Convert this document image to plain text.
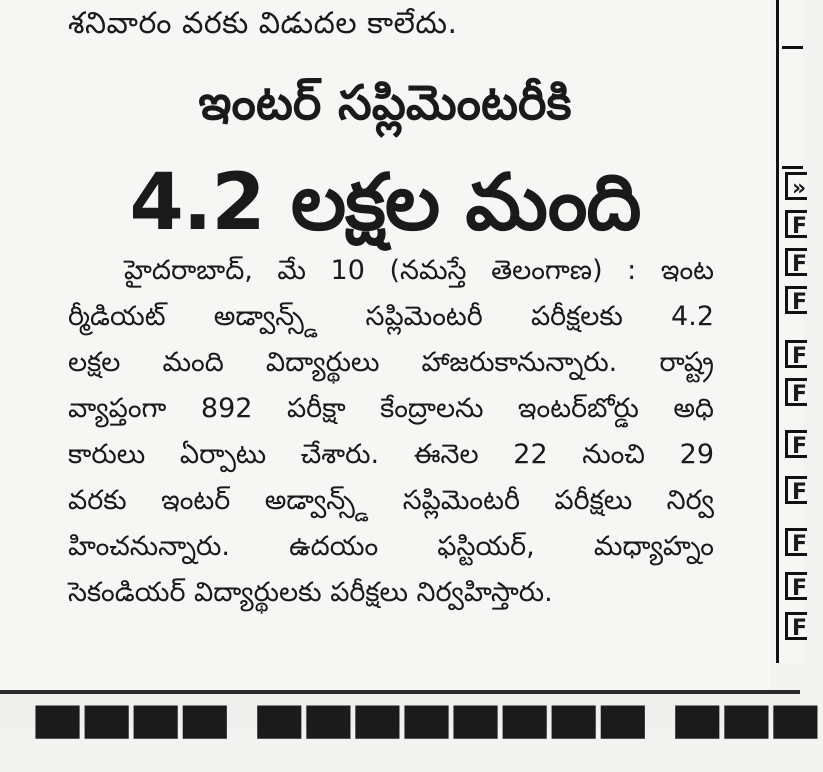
శనివారం వరకు విడుదల కాలేదు.
ఇంటర్ సప్లిమెంటరీకి
4.2 లక్షల మంది
హైదరాబాద్, మే 10 (నమస్తే తెలంగాణ) : ఇంట
ర్మీడియట్ అడ్వాన్స్డ్ సప్లిమెంటరీ పరీక్షలకు 4.2
లక్షల మంది విద్యార్థులు హాజరుకానున్నారు. రాష్ట్ర
వ్యాప్తంగా 892 పరీక్షా కేంద్రాలను ఇంటర్‌బోర్డు అధి
కారులు ఏర్పాటు చేశారు. ఈనెల 22 నుంచి 29
వరకు ఇంటర్ అడ్వాన్స్డ్ సప్లిమెంటరీ పరీక్షలు నిర్వ
హించనున్నారు. ఉదయం ఫస్టియర్, మధ్యాహ్నం
సెకండియర్ విద్యార్థులకు పరీక్షలు నిర్వహిస్తారు.
»
F
F
F
F
F
F
F
F
F
F
▀▀▀▀ ▀▀▀▀▀▀▀▀ ▀▀▀
